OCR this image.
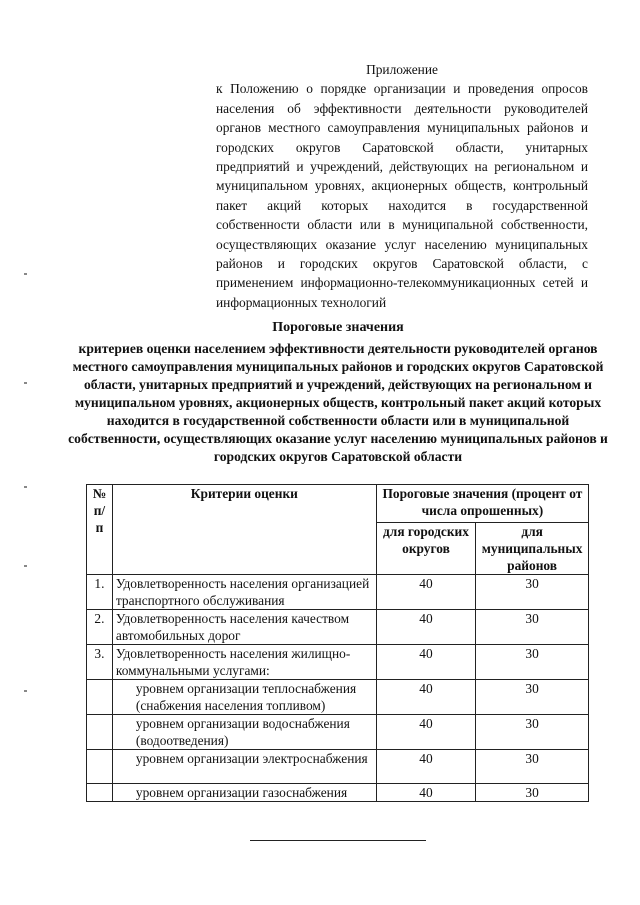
Приложение
к Положению о порядке организации и проведения опросов населения об эффективности деятельности руководителей органов местного самоуправления муниципальных районов и городских округов Саратовской области, унитарных предприятий и учреждений, действующих на региональном и муниципальном уровнях, акционерных обществ, контрольный пакет акций которых находится в государственной собственности области или в муниципальной собственности, осуществляющих оказание услуг населению муниципальных районов и городских округов Саратовской области, с применением информационно-телекоммуникационных сетей и информационных технологий
Пороговые значения
критериев оценки населением эффективности деятельности руководителей органов местного самоуправления муниципальных районов и городских округов Саратовской области, унитарных предприятий и учреждений, действующих на региональном и муниципальном уровнях, акционерных обществ, контрольный пакет акций которых находится в государственной собственности области или в муниципальной собственности, осуществляющих оказание услуг населению муниципальных районов и городских округов Саратовской области
№ п/п	Критерии оценки	Пороговые значения (процент от числа опрошенных)	
		для городских округов	для муниципальных районов
1.	Удовлетворенность населения организацией транспортного обслуживания	40	30
2.	Удовлетворенность населения качеством автомобильных дорог	40	30
3.	Удовлетворенность населения жилищно-коммунальными услугами:	40	30

	уровнем организации теплоснабжения (снабжения населения топливом)	40	30

	уровнем организации водоснабжения (водоотведения)	40	30

	уровнем организации электроснабжения	40	30

	уровнем организации газоснабжения	40	30
